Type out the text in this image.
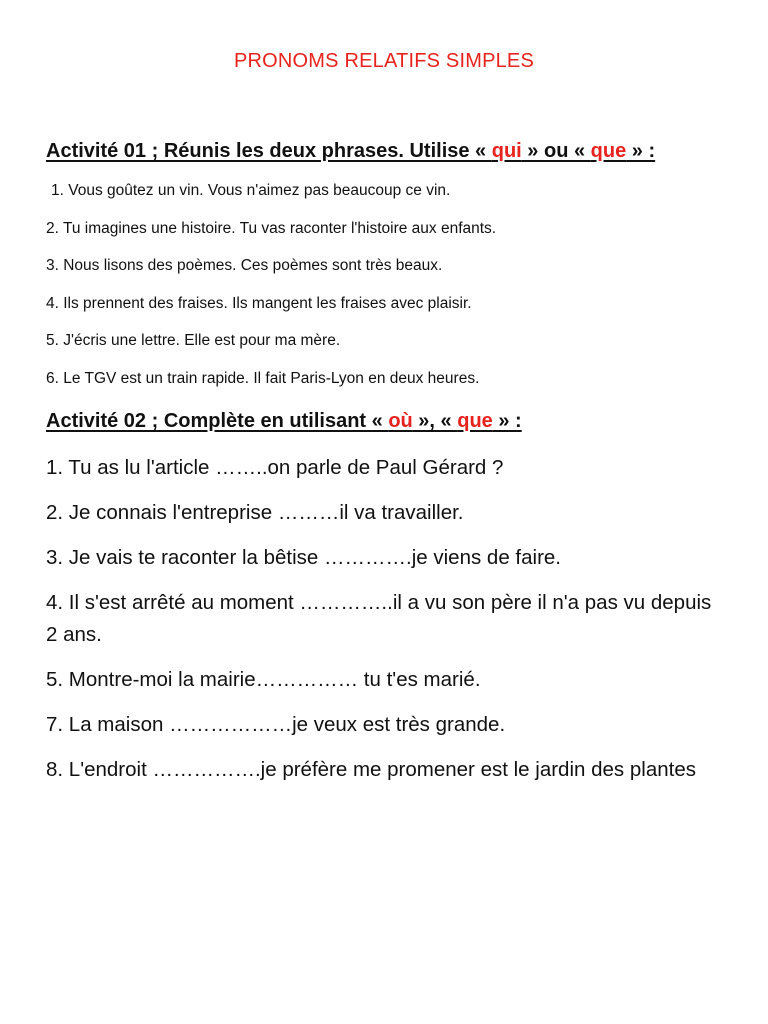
PRONOMS RELATIFS SIMPLES
Activité 01 ; Réunis les deux phrases. Utilise « qui » ou « que » :
1. Vous goûtez un vin. Vous n'aimez pas beaucoup ce vin.
2. Tu imagines une histoire. Tu vas raconter l'histoire aux enfants.
3. Nous lisons des poèmes. Ces poèmes sont très beaux.
4. Ils prennent des fraises. Ils mangent les fraises avec plaisir.
5. J'écris une lettre. Elle est pour ma mère.
6. Le TGV est un train rapide. Il fait Paris-Lyon en deux heures.
Activité 02 ; Complète en utilisant « où », « que » :
1. Tu as lu l'article ……..on parle de Paul Gérard ?
2. Je connais l'entreprise ………il va travailler.
3. Je vais te raconter la bêtise ………….je viens de faire.
4. Il s'est arrêté au moment …………..il a vu son père il n'a pas vu depuis 2 ans.
5. Montre-moi la mairie…………… tu t'es marié.
7. La maison ………………je veux est très grande.
8. L'endroit …………….je préfère me promener est le jardin des plantes
